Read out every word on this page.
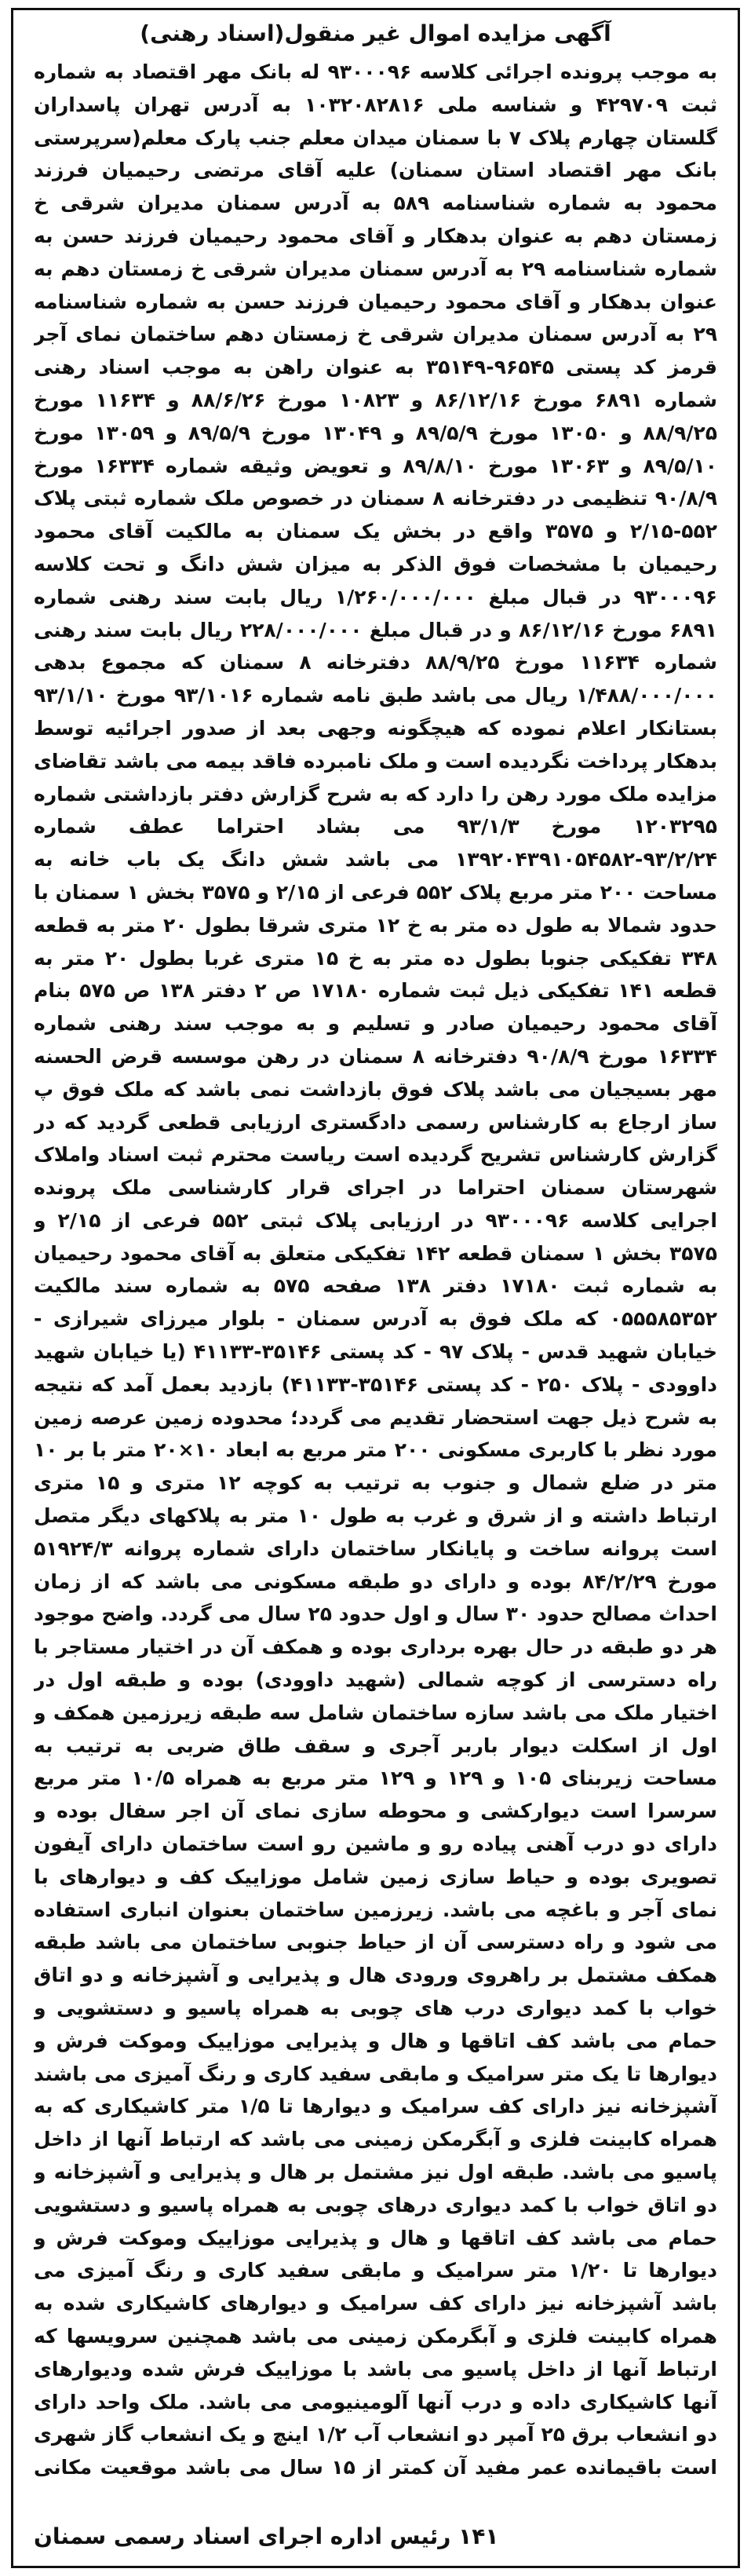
آگهی مزایده اموال غیر منقول(اسناد رهنی)
به موجب پرونده اجرائی کلاسه ۹۳۰۰۰۹۶ له بانک مهر اقتصاد به شماره ثبت ۴۲۹۷۰۹ و شناسه ملی ۱۰۳۲۰۸۲۸۱۶ به آدرس تهران پاسداران گلستان چهارم پلاک ۷ با سمنان میدان معلم جنب پارک معلم(سرپرستی بانک مهر اقتصاد استان سمنان) علیه آقای مرتضی رحیمیان فرزند محمود به شماره شناسنامه ۵۸۹ به آدرس سمنان مدیران شرقی خ زمستان دهم به عنوان بدهکار و آقای محمود رحیمیان فرزند حسن به شماره شناسنامه ۲۹ به آدرس سمنان مدیران شرقی خ زمستان دهم به عنوان بدهکار و آقای محمود رحیمیان فرزند حسن به شماره شناسنامه ۲۹ به آدرس سمنان مدیران شرقی خ زمستان دهم ساختمان نمای آجر قرمز کد پستی ۹۶۵۴۵-۳۵۱۴۹ به عنوان راهن به موجب اسناد رهنی شماره ۶۸۹۱ مورخ ۸۶/۱۲/۱۶ و ۱۰۸۲۳ مورخ ۸۸/۶/۲۶ و ۱۱۶۳۴ مورخ ۸۸/۹/۲۵ و ۱۳۰۵۰ مورخ ۸۹/۵/۹ و ۱۳۰۴۹ مورخ ۸۹/۵/۹ و ۱۳۰۵۹ مورخ ۸۹/۵/۱۰ و ۱۳۰۶۳ مورخ ۸۹/۸/۱۰ و تعویض وثیقه شماره ۱۶۳۳۴ مورخ ۹۰/۸/۹ تنظیمی در دفترخانه ۸ سمنان در خصوص ملک شماره ثبتی پلاک ۵۵۲-۲/۱۵ و ۳۵۷۵ واقع در بخش یک سمنان به مالکیت آقای محمود رحیمیان با مشخصات فوق الذکر به میزان شش دانگ و تحت کلاسه ۹۳۰۰۰۹۶ در قبال مبلغ ۱/۲۶۰/۰۰۰/۰۰۰ ریال بابت سند رهنی شماره ۶۸۹۱ مورخ ۸۶/۱۲/۱۶ و در قبال مبلغ ۲۲۸/۰۰۰/۰۰۰ ریال بابت سند رهنی شماره ۱۱۶۳۴ مورخ ۸۸/۹/۲۵ دفترخانه ۸ سمنان که مجموع بدهی ۱/۴۸۸/۰۰۰/۰۰۰ ریال می باشد طبق نامه شماره ۹۳/۱۰۱۶ مورخ ۹۳/۱/۱۰ بستانکار اعلام نموده که هیچگونه وجهی بعد از صدور اجرائیه توسط بدهکار پرداخت نگردیده است و ملک نامبرده فاقد بیمه می باشد تقاضای مزایده ملک مورد رهن را دارد که به شرح گزارش دفتر بازداشتی شماره ۱۲۰۳۲۹۵ مورخ ۹۳/۱/۳ می بشاد احتراما عطف شماره ۹۳/۲/۲۴-۱۳۹۲۰۴۳۹۱۰۵۴۵۸۲ می باشد شش دانگ یک باب خانه به مساحت ۲۰۰ متر مربع پلاک ۵۵۲ فرعی از ۲/۱۵ و ۳۵۷۵ بخش ۱ سمنان با حدود شمالا به طول ده متر به خ ۱۲ متری شرقا بطول ۲۰ متر به قطعه ۳۴۸ تفکیکی جنوبا بطول ده متر به خ ۱۵ متری غربا بطول ۲۰ متر به قطعه ۱۴۱ تفکیکی ذیل ثبت شماره ۱۷۱۸۰ ص ۲ دفتر ۱۳۸ ص ۵۷۵ بنام آقای محمود رحیمیان صادر و تسلیم و به موجب سند رهنی شماره ۱۶۳۳۴ مورخ ۹۰/۸/۹ دفترخانه ۸ سمنان در رهن موسسه قرض الحسنه مهر بسیجیان می باشد پلاک فوق بازداشت نمی باشد که ملک فوق پ ساز ارجاع به کارشناس رسمی دادگستری ارزیابی قطعی گردید که در گزارش کارشناس تشریح گردیده است ریاست محترم ثبت اسناد واملاک شهرستان سمنان احتراما در اجرای قرار کارشناسی ملک پرونده اجرایی کلاسه ۹۳۰۰۰۹۶ در ارزیابی پلاک ثبتی ۵۵۲ فرعی از ۲/۱۵ و ۳۵۷۵ بخش ۱ سمنان قطعه ۱۴۲ تفکیکی متعلق به آقای محمود رحیمیان به شماره ثبت ۱۷۱۸۰ دفتر ۱۳۸ صفحه ۵۷۵ به شماره سند مالکیت ۰۵۵۵۸۵۳۵۲ که ملک فوق به آدرس سمنان - بلوار میرزای شیرازی - خیابان شهید قدس - پلاک ۹۷ - کد پستی ۳۵۱۴۶-۴۱۱۳۳ (یا خیابان شهید داوودی - پلاک ۲۵۰ - کد پستی ۳۵۱۴۶-۴۱۱۳۳) بازدید بعمل آمد که نتیجه به شرح ذیل جهت استحضار تقدیم می گردد؛ محدوده زمین عرصه زمین مورد نظر با کاربری مسکونی ۲۰۰ متر مربع به ابعاد ۱۰×۲۰ متر با بر ۱۰ متر در ضلع شمال و جنوب به ترتیب به کوچه ۱۲ متری و ۱۵ متری ارتباط داشته و از شرق و غرب به طول ۱۰ متر به پلاکهای دیگر متصل است پروانه ساخت و پایانکار ساختمان دارای شماره پروانه ۵۱۹۲۴/۳ مورخ ۸۴/۲/۲۹ بوده و دارای دو طبقه مسکونی می باشد که از زمان احداث مصالح حدود ۳۰ سال و اول حدود ۲۵ سال می گردد. واضح موجود هر دو طبقه در حال بهره برداری بوده و همکف آن در اختیار مستاجر با راه دسترسی از کوچه شمالی (شهید داوودی) بوده و طبقه اول در اختیار ملک می باشد سازه ساختمان شامل سه طبقه زیرزمین همکف و اول از اسکلت دیوار باربر آجری و سقف طاق ضربی به ترتیب به مساحت زیربنای ۱۰۵ و ۱۲۹ و ۱۲۹ متر مربع به همراه ۱۰/۵ متر مربع سرسرا است دیوارکشی و محوطه سازی نمای آن اجر سفال بوده و دارای دو درب آهنی پیاده رو و ماشین رو است ساختمان دارای آیفون تصویری بوده و حیاط سازی زمین شامل موزاییک کف و دیوارهای با نمای آجر و باغچه می باشد. زیرزمین ساختمان بعنوان انباری استفاده می شود و راه دسترسی آن از حیاط جنوبی ساختمان می باشد طبقه همکف مشتمل بر راهروی ورودی هال و پذیرایی و آشپزخانه و دو اتاق خواب با کمد دیواری درب های چوبی به همراه پاسیو و دستشویی و حمام می باشد کف اتاقها و هال و پذیرایی موزاییک وموکت فرش و دیوارها تا یک متر سرامیک و مابقی سفید کاری و رنگ آمیزی می باشند آشپزخانه نیز دارای کف سرامیک و دیوارها تا ۱/۵ متر کاشیکاری که به همراه کابینت فلزی و آبگرمکن زمینی می باشد که ارتباط آنها از داخل پاسیو می باشد. طبقه اول نیز مشتمل بر هال و پذیرایی و آشپزخانه و دو اتاق خواب با کمد دیواری درهای چوبی به همراه پاسیو و دستشویی حمام می باشد کف اتاقها و هال و پذیرایی موزاییک وموکت فرش و دیوارها تا ۱/۲۰ متر سرامیک و مابقی سفید کاری و رنگ آمیزی می باشد آشپزخانه نیز دارای کف سرامیک و دیوارهای کاشیکاری شده به همراه کابینت فلزی و آبگرمکن زمینی می باشد همچنین سرویسها که ارتباط آنها از داخل پاسیو می باشد با موزاییک فرش شده ودیوارهای آنها کاشیکاری داده و درب آنها آلومینیومی می باشد. ملک واحد دارای دو انشعاب برق ۲۵ آمپر دو انشعاب آب ۱/۲ اینچ و یک انشعاب گاز شهری است باقیمانده عمر مفید آن کمتر از ۱۵ سال می باشد موقعیت مکانی
۱۴۱ رئیس اداره اجرای اسناد رسمی سمنان
